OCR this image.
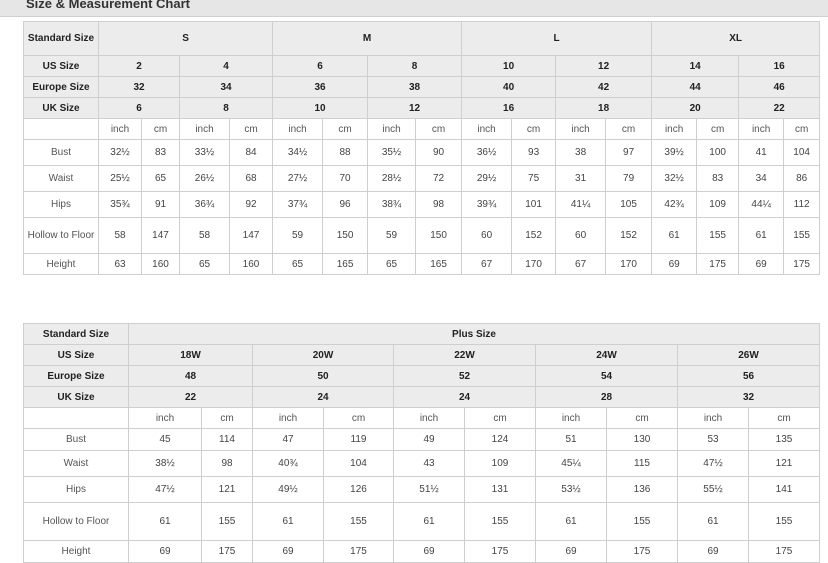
Size & Measurement Chart
Standard Size	S				M				L				XL			
US Size	2		4		6		8		10		12		14		16	
Europe Size	32		34		36		38		40		42		44		46	
UK Size	6		8		10		12		16		18		20		22	
	inch	cm	inch	cm	inch	cm	inch	cm	inch	cm	inch	cm	inch	cm	inch	cm
Bust	32½	83	33½	84	34½	88	35½	90	36½	93	38	97	39½	100	41	104
Waist	25½	65	26½	68	27½	70	28½	72	29½	75	31	79	32½	83	34	86
Hips	35¾	91	36¾	92	37¾	96	38¾	98	39¾	101	41¼	105	42¾	109	44¼	112
Hollow to Floor	58	147	58	147	59	150	59	150	60	152	60	152	61	155	61	155
Height	63	160	65	160	65	165	65	165	67	170	67	170	69	175	69	175
Standard Size	Plus Size									
US Size	18W		20W		22W		24W		26W	
Europe Size	48		50		52		54		56	
UK Size	22		24		24		28		32	
	inch	cm	inch	cm	inch	cm	inch	cm	inch	cm
Bust	45	114	47	119	49	124	51	130	53	135
Waist	38½	98	40¾	104	43	109	45¼	115	47½	121
Hips	47½	121	49½	126	51½	131	53½	136	55½	141
Hollow to Floor	61	155	61	155	61	155	61	155	61	155
Height	69	175	69	175	69	175	69	175	69	175
